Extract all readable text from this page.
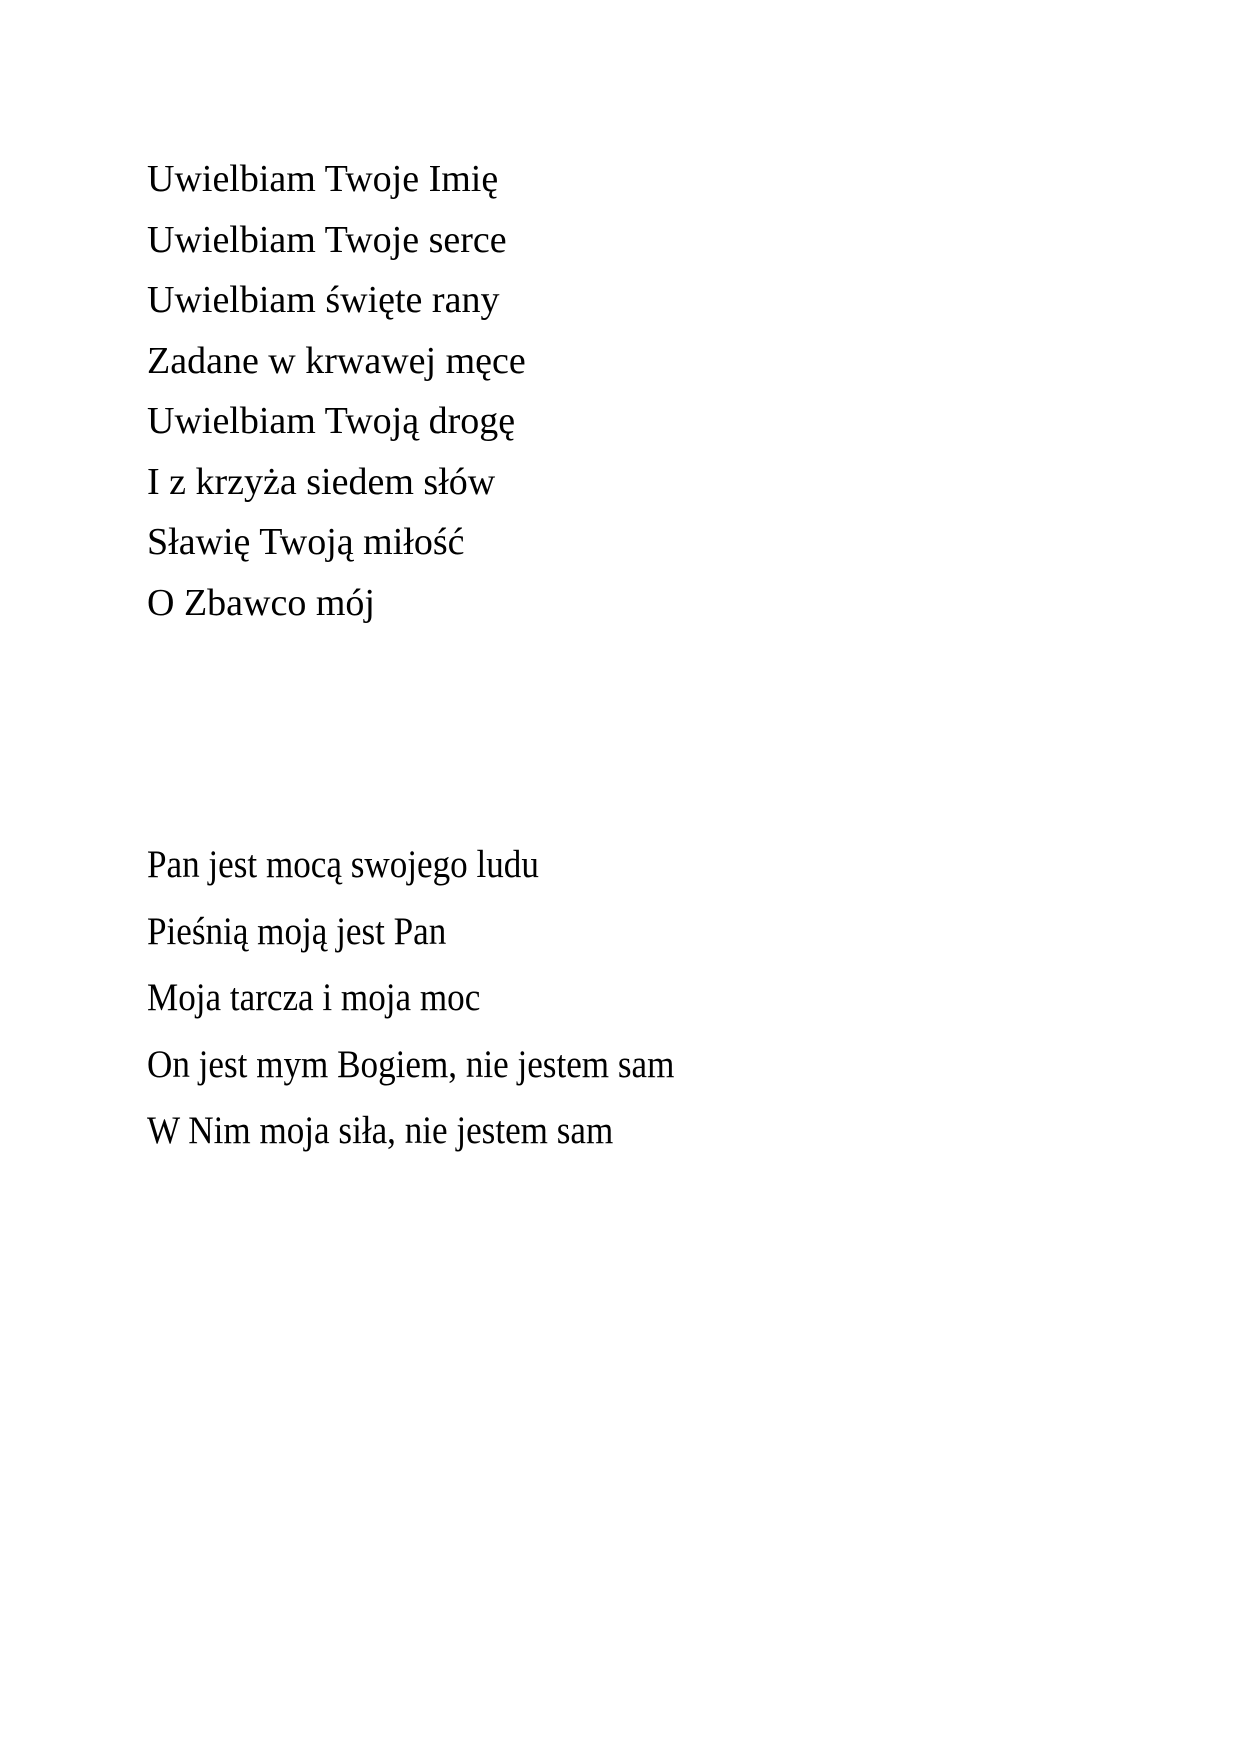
Uwielbiam Twoje Imię
Uwielbiam Twoje serce
Uwielbiam święte rany
Zadane w krwawej męce
Uwielbiam Twoją drogę
I z krzyża siedem słów
Sławię Twoją miłość
O Zbawco mój
Pan jest mocą swojego ludu
Pieśnią moją jest Pan
Moja tarcza i moja moc
On jest mym Bogiem, nie jestem sam
W Nim moja siła, nie jestem sam
